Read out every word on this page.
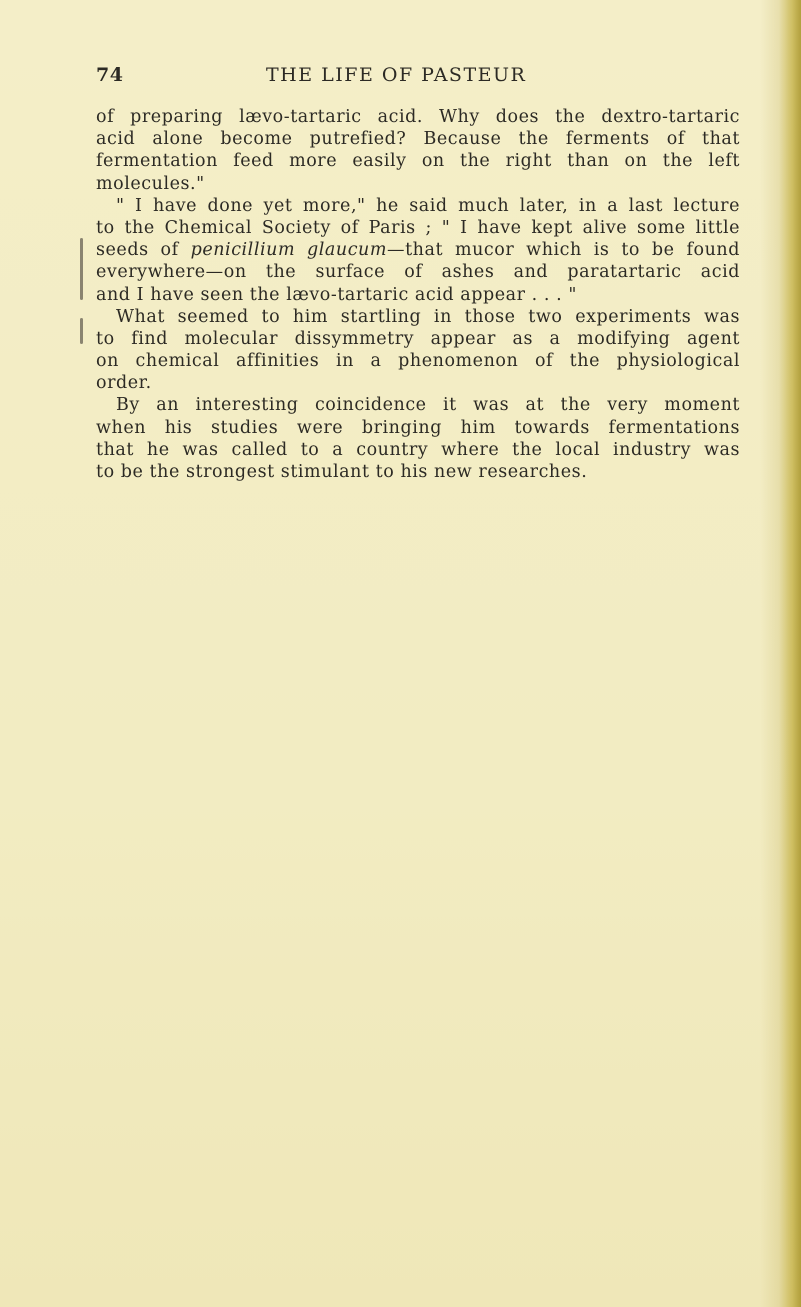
74	THE LIFE OF PASTEUR
of preparing lævo-tartaric acid. Why does the dextro-tartaric
acid alone become putrefied? Because the ferments of that
fermentation feed more easily on the right than on the left
molecules."
" I have done yet more," he said much later, in a last lecture
to the Chemical Society of Paris ; " I have kept alive some little
seeds of penicillium glaucum—that mucor which is to be found
everywhere—on the surface of ashes and paratartaric acid
and I have seen the lævo-tartaric acid appear . . . "
What seemed to him startling in those two experiments was
to find molecular dissymmetry appear as a modifying agent
on chemical affinities in a phenomenon of the physiological
order.
By an interesting coincidence it was at the very moment
when his studies were bringing him towards fermentations
that he was called to a country where the local industry was
to be the strongest stimulant to his new researches.
